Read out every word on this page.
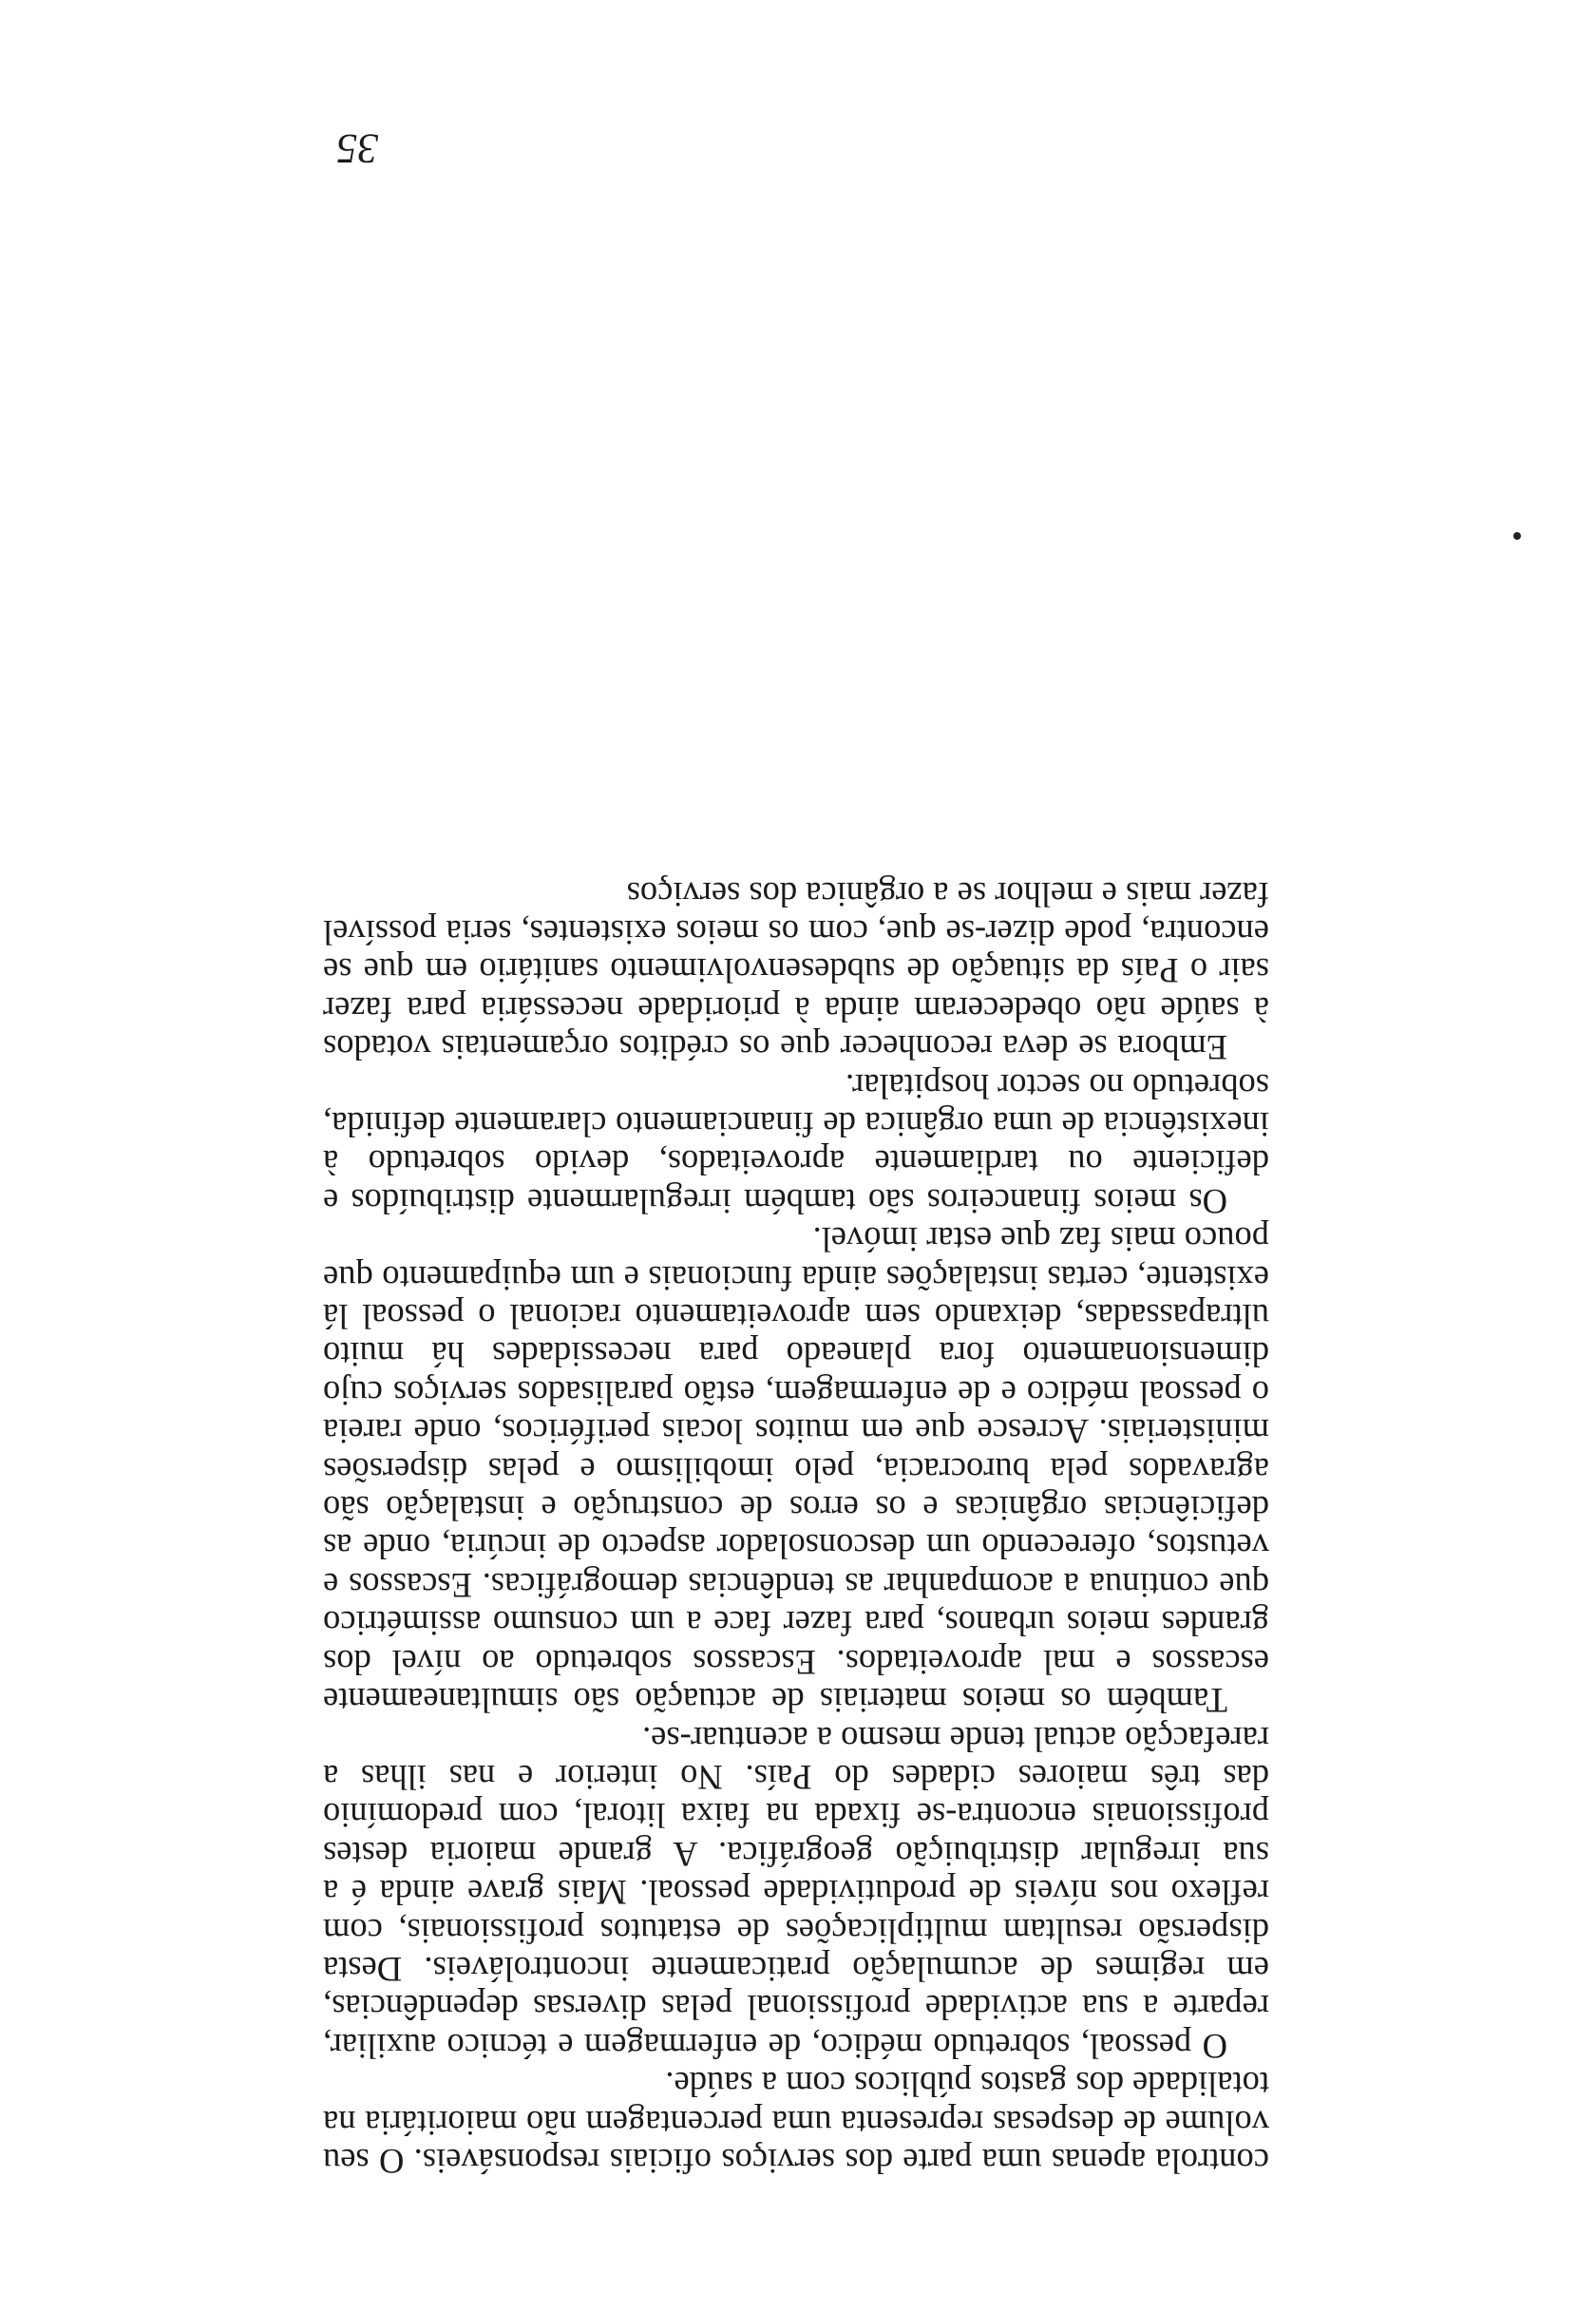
controla apenas uma parte dos serviços oficiais responsáveis. O seu volume de despesas representa uma percentagem não maioritária na totalidade dos gastos públicos com a saúde.

O pessoal, sobretudo médico, de enfermagem e técnico auxiliar, reparte a sua actividade profissional pelas diversas dependências, em regimes de acumulação praticamente incontroláveis. Desta dispersão resultam multiplicações de estatutos profissionais, com reflexo nos níveis de produtividade pessoal. Mais grave ainda é a sua irregular distribuição geográfica. A grande maioria destes profissionais encontra-se fixada na faixa litoral, com predomínio das três maiores cidades do País. No interior e nas ilhas a rarefacção actual tende mesmo a acentuar-se.

Também os meios materiais de actuação são simultaneamente escassos e mal aproveitados. Escassos sobretudo ao nível dos grandes meios urbanos, para fazer face a um consumo assimétrico que continua a acompanhar as tendências demográficas. Escassos e vetustos, oferecendo um desconsolador aspecto de incúria, onde as deficiências orgânicas e os erros de construção e instalação são agravados pela burocracia, pelo imobilismo e pelas dispersões ministeriais. Acresce que em muitos locais periféricos, onde rareia o pessoal médico e de enfermagem, estão paralisados serviços cujo dimensionamento fora planeado para necessidades há muito ultrapassadas, deixando sem aproveitamento racional o pessoal lá existente, certas instalações ainda funcionais e um equipamento que pouco mais faz que estar imóvel.

Os meios financeiros são também irregularmente distribuídos e deficiente ou tardiamente aproveitados, devido sobretudo à inexistência de uma orgânica de financiamento claramente definida, sobretudo no sector hospitalar.

Embora se deva reconhecer que os créditos orçamentais votados à saúde não obedeceram ainda à prioridade necessária para fazer sair o País da situação de subdesenvolvimento sanitário em que se encontra, pode dizer-se que, com os meios existentes, seria possível fazer mais e melhor se a orgânica dos serviços

35
